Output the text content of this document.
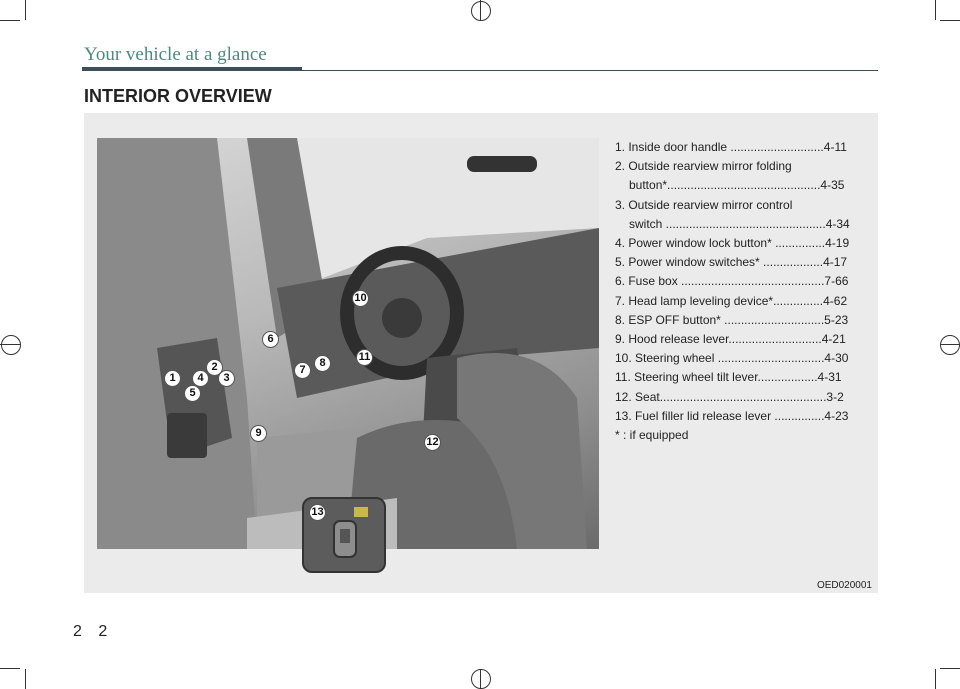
Your vehicle at a glance
INTERIOR OVERVIEW
1
2
3
4
5
6
7
8
9
10
11
12
13
1. Inside door handle ............................4-11
2. Outside rearview mirror folding
button*..............................................4-35
3. Outside rearview mirror control
switch ................................................4-34
4. Power window lock button* ...............4-19
5. Power window switches* ..................4-17
6. Fuse box ...........................................7-66
7. Head lamp leveling device*...............4-62
8. ESP OFF button* ..............................5-23
9. Hood release lever............................4-21
10. Steering wheel ................................4-30
11. Steering wheel tilt lever..................4-31
12. Seat..................................................3-2
13. Fuel filler lid release lever ...............4-23
* : if equipped
OED020001
2 2
